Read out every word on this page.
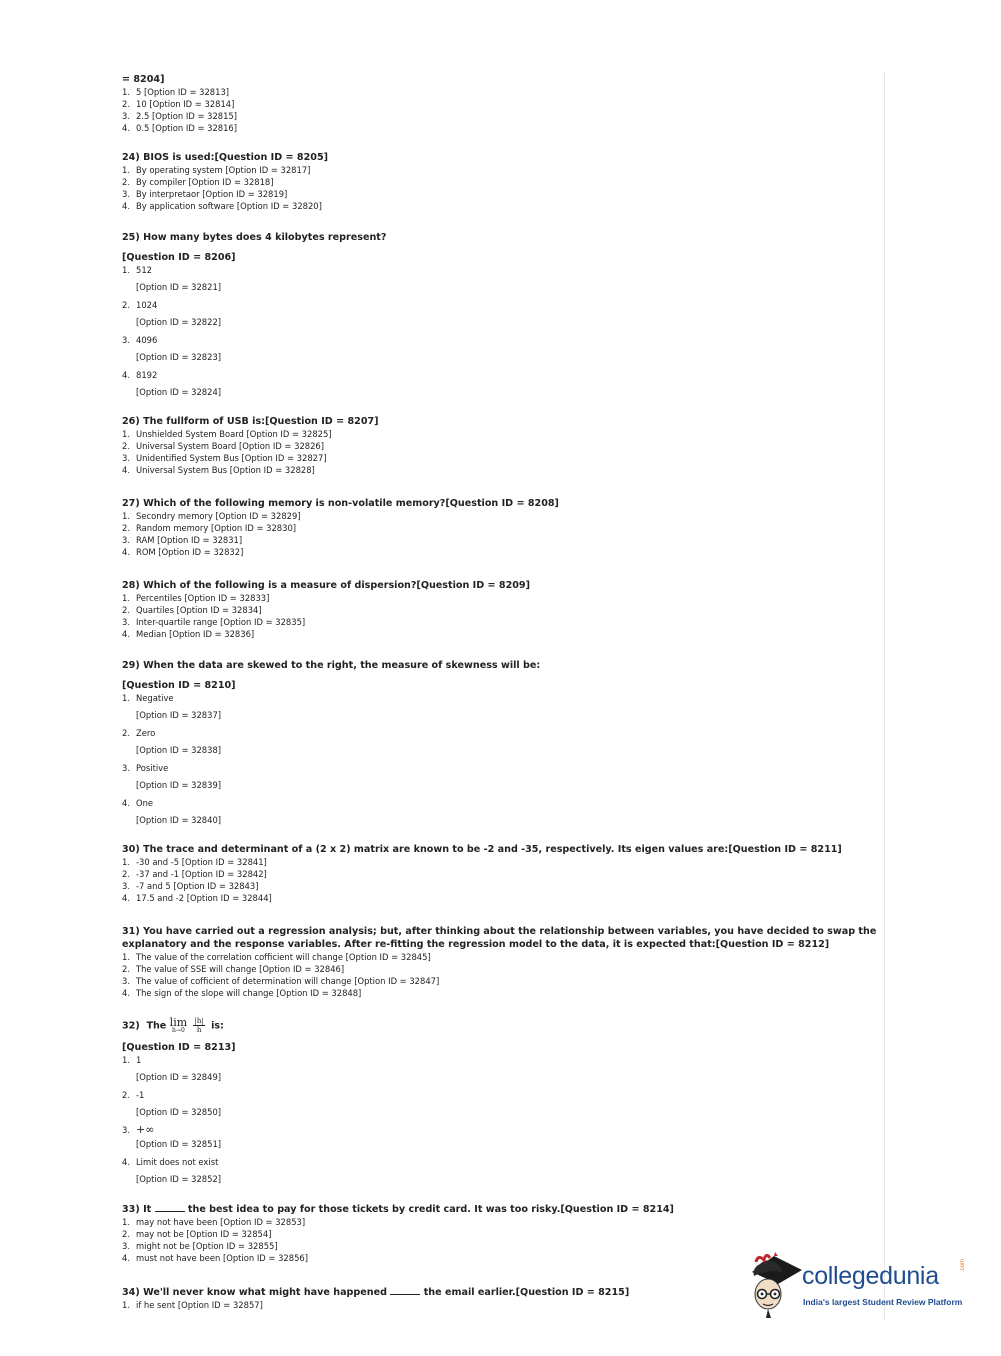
= 8204]
1. 5 [Option ID = 32813]
2. 10 [Option ID = 32814]
3. 2.5 [Option ID = 32815]
4. 0.5 [Option ID = 32816]
24) BIOS is used:[Question ID = 8205]
1. By operating system [Option ID = 32817]
2. By compiler [Option ID = 32818]
3. By interpretaor [Option ID = 32819]
4. By application software [Option ID = 32820]
25) How many bytes does 4 kilobytes represent?
[Question ID = 8206]
1. 512
[Option ID = 32821]
2. 1024
[Option ID = 32822]
3. 4096
[Option ID = 32823]
4. 8192
[Option ID = 32824]
26) The fullform of USB is:[Question ID = 8207]
1. Unshielded System Board [Option ID = 32825]
2. Universal System Board [Option ID = 32826]
3. Unidentified System Bus [Option ID = 32827]
4. Universal System Bus [Option ID = 32828]
27) Which of the following memory is non-volatile memory?[Question ID = 8208]
1. Secondry memory [Option ID = 32829]
2. Random memory [Option ID = 32830]
3. RAM [Option ID = 32831]
4. ROM [Option ID = 32832]
28) Which of the following is a measure of dispersion?[Question ID = 8209]
1. Percentiles [Option ID = 32833]
2. Quartiles [Option ID = 32834]
3. Inter-quartile range [Option ID = 32835]
4. Median [Option ID = 32836]
29) When the data are skewed to the right, the measure of skewness will be:
[Question ID = 8210]
1. Negative
[Option ID = 32837]
2. Zero
[Option ID = 32838]
3. Positive
[Option ID = 32839]
4. One
[Option ID = 32840]
30) The trace and determinant of a (2 x 2) matrix are known to be -2 and -35, respectively. Its eigen values are:[Question ID = 8211]
1. -30 and -5 [Option ID = 32841]
2. -37 and -1 [Option ID = 32842]
3. -7 and 5 [Option ID = 32843]
4. 17.5 and -2 [Option ID = 32844]
31) You have carried out a regression analysis; but, after thinking about the relationship between variables, you have decided to swap the explanatory and the response variables. After re-fitting the regression model to the data, it is expected that:[Question ID = 8212]
1. The value of the correlation cofficient will change [Option ID = 32845]
2. The value of SSE will change [Option ID = 32846]
3. The value of cofficient of determination will change [Option ID = 32847]
4. The sign of the slope will change [Option ID = 32848]
32) The lim
h→0
	$\frac{|h|}{h}$ is:
[Question ID = 8213]
1. 1
[Option ID = 32849]
2. -1
[Option ID = 32850]
3. +∞
[Option ID = 32851]
4. Limit does not exist
[Option ID = 32852]
33) It	the best idea to pay for those tickets by credit card. It was too risky.[Question ID = 8214]
1. may not have been [Option ID = 32853]
2. may not be [Option ID = 32854]
3. might not be [Option ID = 32855]
4. must not have been [Option ID = 32856]
34) We'll never know what might have happened	the email earlier.[Question ID = 8215]
1. if he sent [Option ID = 32857]
collegedunia	.com
India's largest Student Review Platform
